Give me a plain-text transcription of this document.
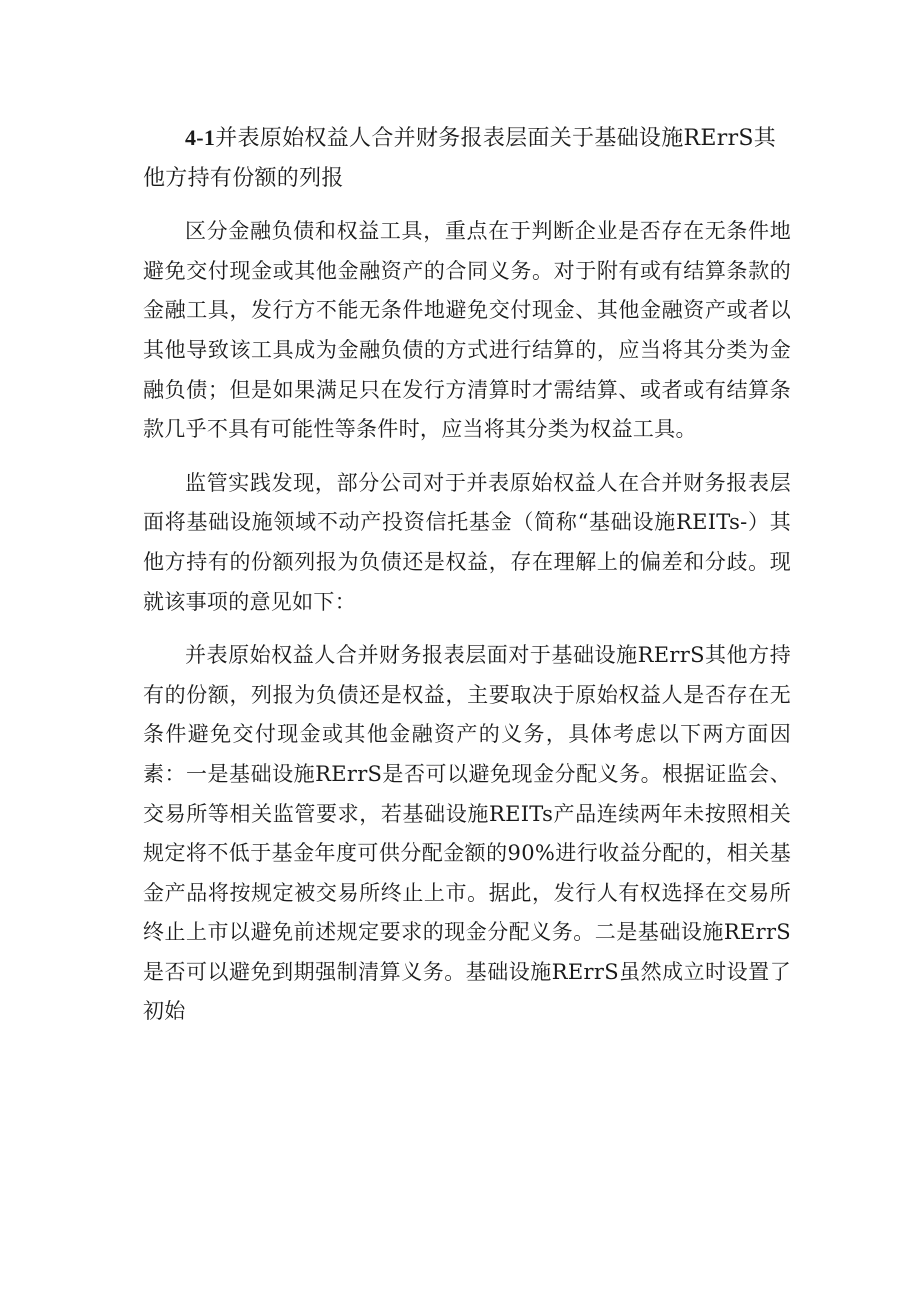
4-1并表原始权益人合并财务报表层面关于基础设施RErrS其他方持有份额的列报

区分金融负债和权益工具，重点在于判断企业是否存在无条件地避免交付现金或其他金融资产的合同义务。对于附有或有结算条款的金融工具，发行方不能无条件地避免交付现金、其他金融资产或者以其他导致该工具成为金融负债的方式进行结算的，应当将其分类为金融负债；但是如果满足只在发行方清算时才需结算、或者或有结算条款几乎不具有可能性等条件时，应当将其分类为权益工具。

监管实践发现，部分公司对于并表原始权益人在合并财务报表层面将基础设施领域不动产投资信托基金（简称“基础设施REITs-）其他方持有的份额列报为负债还是权益，存在理解上的偏差和分歧。现就该事项的意见如下：

并表原始权益人合并财务报表层面对于基础设施RErrS其他方持有的份额，列报为负债还是权益，主要取决于原始权益人是否存在无条件避免交付现金或其他金融资产的义务，具体考虑以下两方面因素：一是基础设施RErrS是否可以避免现金分配义务。根据证监会、交易所等相关监管要求，若基础设施REITs产品连续两年未按照相关规定将不低于基金年度可供分配金额的90%进行收益分配的，相关基金产品将按规定被交易所终止上市。据此，发行人有权选择在交易所终止上市以避免前述规定要求的现金分配义务。二是基础设施RErrS是否可以避免到期强制清算义务。基础设施RErrS虽然成立时设置了初始
